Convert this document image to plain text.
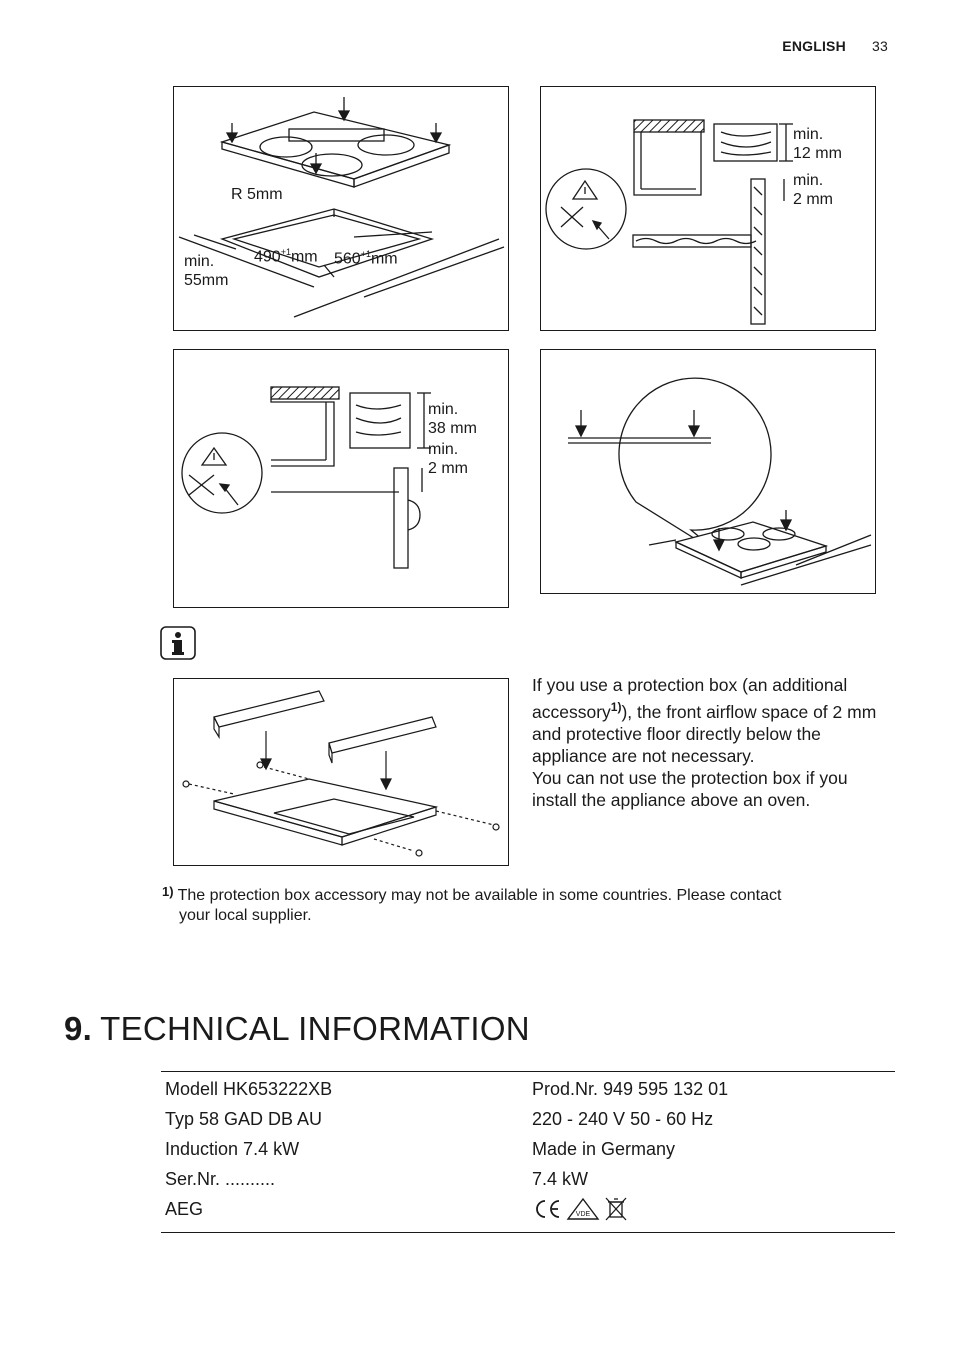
ENGLISH 33
R 5mm
$490^{+1}mm$ $560^{+1}mm$
min.
55mm
min.
12 mm
min.
2 mm
min.
38 mm
min.
2 mm
If you use a protection box (an additional accessory$^{1)}$), the front airflow space of 2 mm and protective floor directly below the appliance are not necessary.
You can not use the protection box if you install the appliance above an oven.
$^{1)}$ The protection box accessory may not be available in some countries. Please contact
your local supplier.
9. TECHNICAL INFORMATION
Modell HK653222XB	Prod.Nr. 949 595 132 01
Typ 58 GAD DB AU	220 - 240 V 50 - 60 Hz
Induction 7.4 kW	Made in Germany
Ser.Nr. ..........	7.4 kW
AEG	VDE
